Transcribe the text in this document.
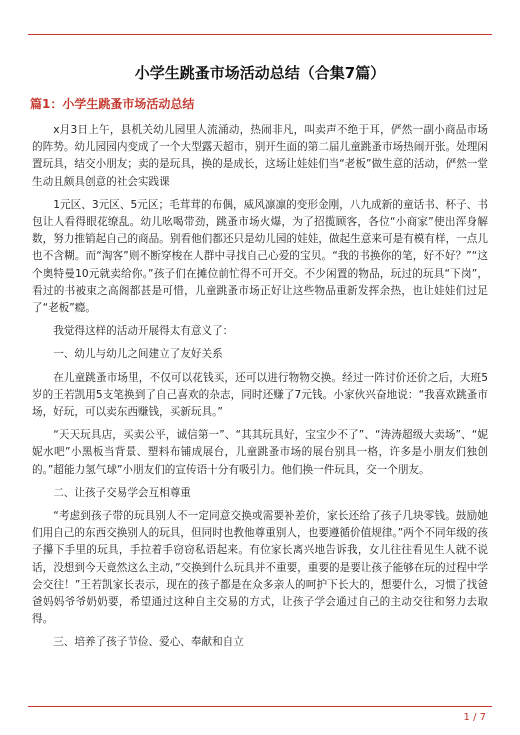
小学生跳蚤市场活动总结（合集7篇）
篇1：小学生跳蚤市场活动总结

x月3日上午，县机关幼儿园里人流涌动，热闹非凡，叫卖声不绝于耳，俨然一副小商品市场的阵势。幼儿园园内变成了一个大型露天超市，别开生面的第二届儿童跳蚤市场热闹开张。处理闲置玩具，结交小朋友；卖的是玩具，换的是成长，这场让娃娃们当“老板”做生意的活动，俨然一堂生动且颇具创意的社会实践课

1元区、3元区、5元区；毛茸茸的布偶，威风凛凛的变形金刚，八九成新的童话书、杯子、书包让人看得眼花缭乱。幼儿吆喝带劲，跳蚤市场火爆，为了招揽顾客，各位“小商家”使出浑身解数，努力推销起自己的商品。别看他们都还只是幼儿园的娃娃，做起生意来可是有模有样，一点儿也不含糊。而“淘客”则不断穿梭在人群中寻找自己心爱的宝贝。“我的书换你的笔，好不好？”“这个奥特曼10元就卖给你。”孩子们在摊位前忙得不可开交。不少闲置的物品，玩过的玩具“下岗”，看过的书被束之高阁都甚是可惜，儿童跳蚤市场正好让这些物品重新发挥余热，也让娃娃们过足了“老板”瘾。

我觉得这样的活动开展得太有意义了：

一、幼儿与幼儿之间建立了友好关系

在儿童跳蚤市场里，不仅可以花钱买，还可以进行物物交换。经过一阵讨价还价之后，大班5岁的王若凯用5支笔换到了自己喜欢的杂志，同时还赚了7元钱。小家伙兴奋地说：“我喜欢跳蚤市场，好玩，可以卖东西赚钱，买新玩具。”

“天天玩具店，买卖公平，诚信第一”、“其其玩具好，宝宝少不了”、“涛涛超级大卖场”、“妮妮水吧”小黑板当背景、塑料布铺成展台，儿童跳蚤市场的展台别具一格，许多是小朋友们独创的。”超能力氢气球”小朋友们的宣传语十分有吸引力。他们换一件玩具，交一个朋友。

二、让孩子交易学会互相尊重

“考虑到孩子带的玩具别人不一定同意交换或需要补差价，家长还给了孩子几块零钱。鼓励她们用自己的东西交换别人的玩具，但同时也教他尊重别人，也要遵循价值规律。”两个不同年级的孩子攥下手里的玩具，手拉着手窃窃私语起来。有位家长离兴地告诉我，女儿往往看见生人就不说话，没想到今天竟然这么主动，”交换到什么玩具并不重要，重要的是要让孩子能够在玩的过程中学会交往！”王若凯家长表示，现在的孩子都是在众多亲人的呵护下长大的，想要什么，习惯了找爸爸妈妈爷爷奶奶要，希望通过这种自主交易的方式，让孩子学会通过自己的主动交往和努力去取得。

三、培养了孩子节俭、爱心、奉献和自立

1 / 7
